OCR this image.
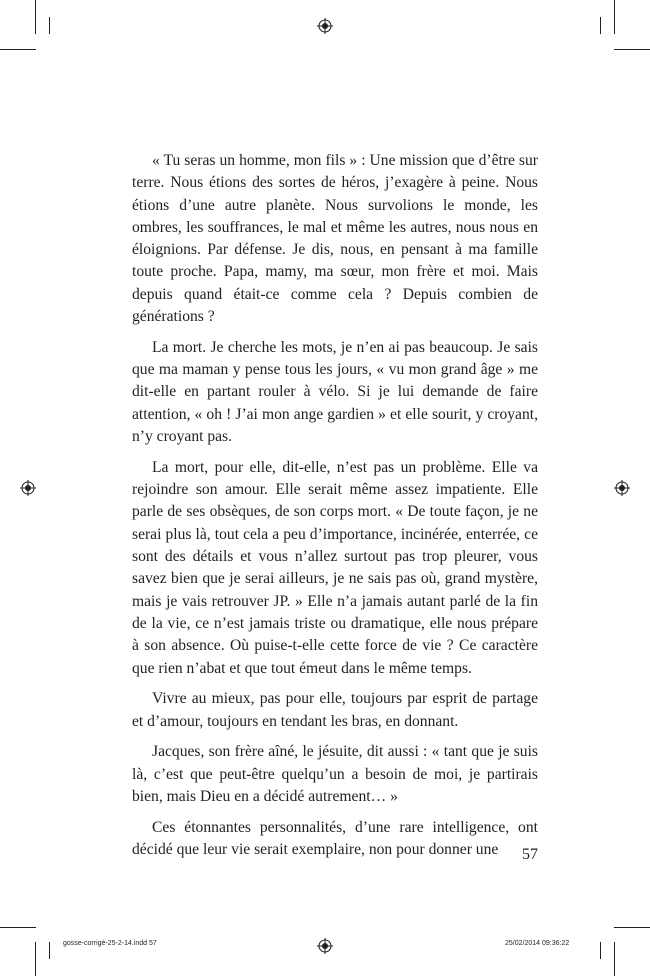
« Tu seras un homme, mon fils » : Une mission que d’être sur terre. Nous étions des sortes de héros, j’exagère à peine. Nous étions d’une autre planète. Nous survolions le monde, les ombres, les souffrances, le mal et même les autres, nous nous en éloignions. Par défense. Je dis, nous, en pensant à ma famille toute proche. Papa, mamy, ma sœur, mon frère et moi. Mais depuis quand était-ce comme cela ? Depuis combien de générations ?

La mort. Je cherche les mots, je n’en ai pas beaucoup. Je sais que ma maman y pense tous les jours, « vu mon grand âge » me dit-elle en partant rouler à vélo. Si je lui demande de faire attention, « oh ! J’ai mon ange gardien » et elle sourit, y croyant, n’y croyant pas.

La mort, pour elle, dit-elle, n’est pas un problème. Elle va rejoindre son amour. Elle serait même assez impatiente. Elle parle de ses obsèques, de son corps mort. « De toute façon, je ne serai plus là, tout cela a peu d’importance, incinérée, enterrée, ce sont des détails et vous n’allez surtout pas trop pleurer, vous savez bien que je serai ailleurs, je ne sais pas où, grand mystère, mais je vais retrouver JP. » Elle n’a jamais autant parlé de la fin de la vie, ce n’est jamais triste ou dramatique, elle nous prépare à son absence. Où puise-t-elle cette force de vie ? Ce caractère que rien n’abat et que tout émeut dans le même temps.

Vivre au mieux, pas pour elle, toujours par esprit de partage et d’amour, toujours en tendant les bras, en donnant.

Jacques, son frère aîné, le jésuite, dit aussi : « tant que je suis là, c’est que peut-être quelqu’un a besoin de moi, je partirais bien, mais Dieu en a décidé autrement… »

Ces étonnantes personnalités, d’une rare intelligence, ont décidé que leur vie serait exemplaire, non pour donner une	57
gosse-corrigé-25-2-14.indd 57	25/02/2014 09:36:22
